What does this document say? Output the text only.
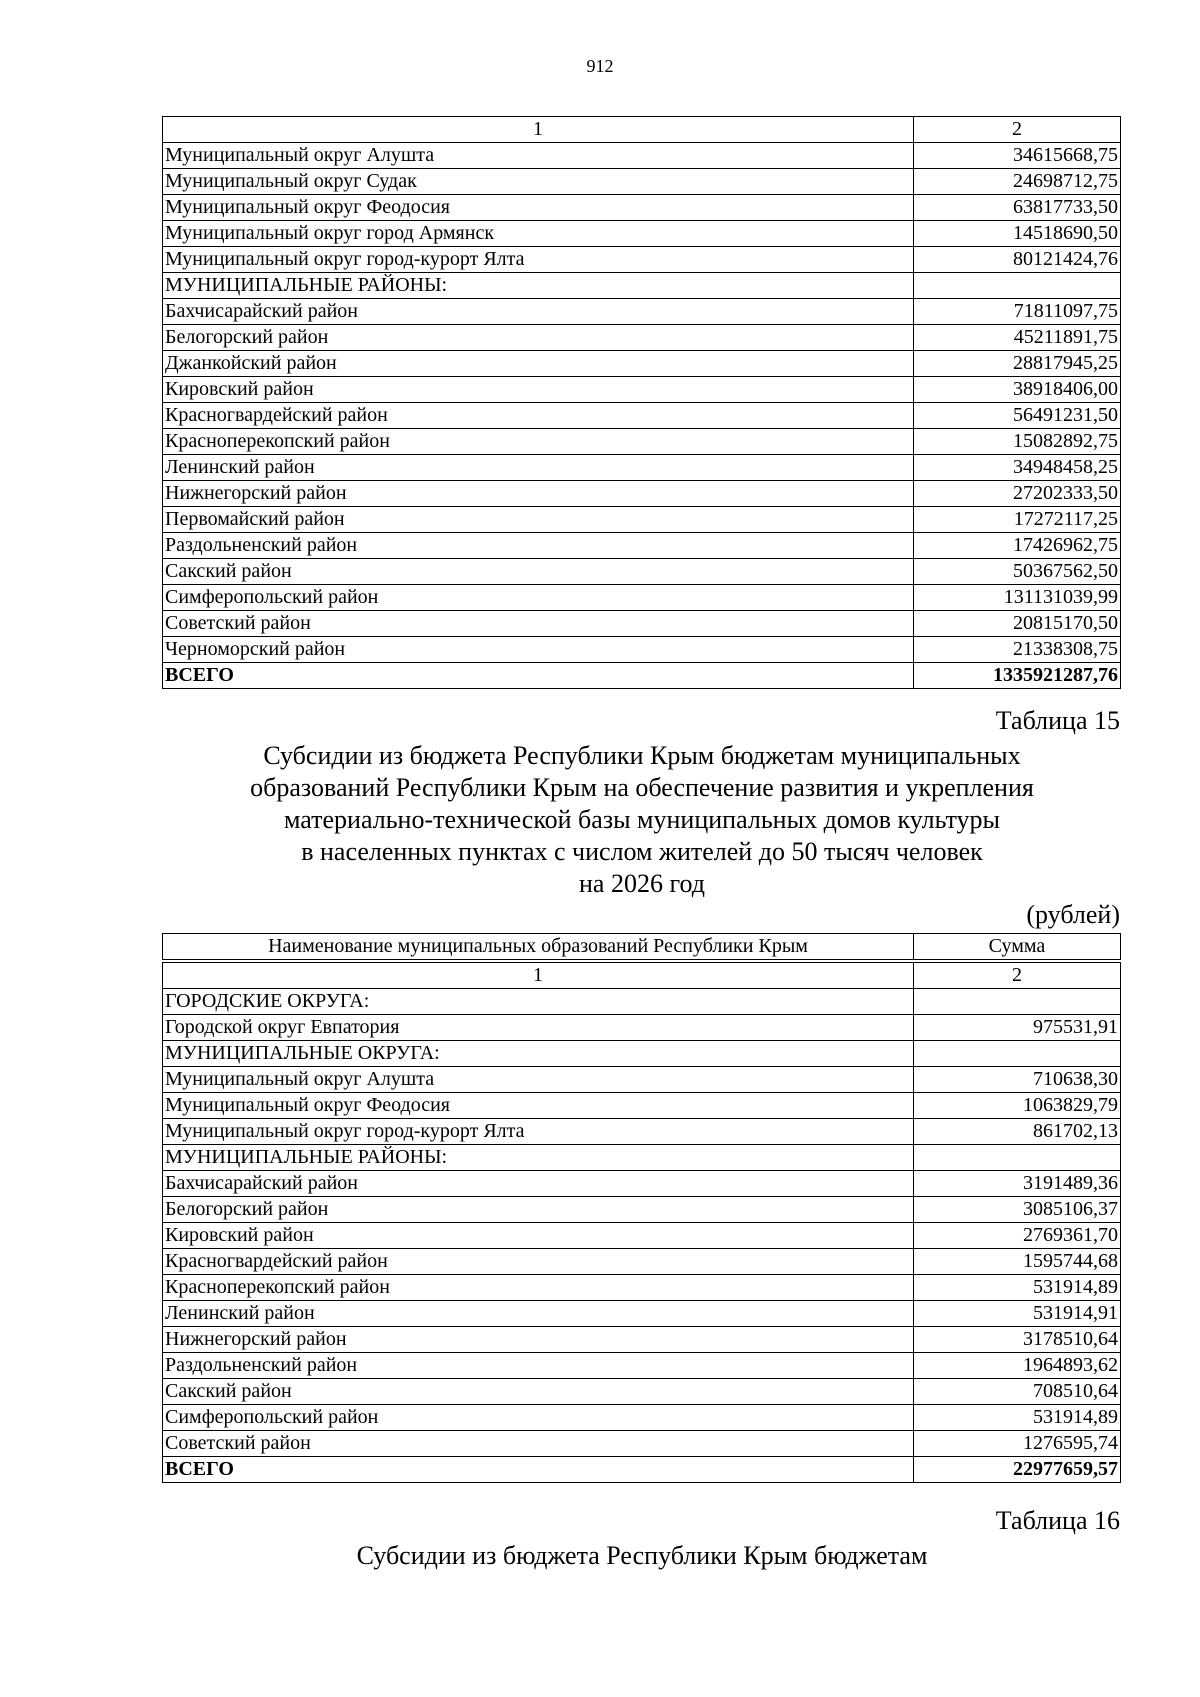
912
1	2
Муниципальный округ Алушта	34615668,75
Муниципальный округ Судак	24698712,75
Муниципальный округ Феодосия	63817733,50
Муниципальный округ город Армянск	14518690,50
Муниципальный округ город-курорт Ялта	80121424,76
МУНИЦИПАЛЬНЫЕ РАЙОНЫ:	
Бахчисарайский район	71811097,75
Белогорский район	45211891,75
Джанкойский район	28817945,25
Кировский район	38918406,00
Красногвардейский район	56491231,50
Красноперекопский район	15082892,75
Ленинский район	34948458,25
Нижнегорский район	27202333,50
Первомайский район	17272117,25
Раздольненский район	17426962,75
Сакский район	50367562,50
Симферопольский район	131131039,99
Советский район	20815170,50
Черноморский район	21338308,75
ВСЕГО	1335921287,76
Таблица 15
Субсидии из бюджета Республики Крым бюджетам муниципальных
образований Республики Крым на обеспечение развития и укрепления
материально-технической базы муниципальных домов культуры
в населенных пунктах с числом жителей до 50 тысяч человек
на 2026 год
(рублей)
Наименование муниципальных образований Республики Крым	Сумма
1	2
ГОРОДСКИЕ ОКРУГА:	
Городской округ Евпатория	975531,91
МУНИЦИПАЛЬНЫЕ ОКРУГА:	
Муниципальный округ Алушта	710638,30
Муниципальный округ Феодосия	1063829,79
Муниципальный округ город-курорт Ялта	861702,13
МУНИЦИПАЛЬНЫЕ РАЙОНЫ:	
Бахчисарайский район	3191489,36
Белогорский район	3085106,37
Кировский район	2769361,70
Красногвардейский район	1595744,68
Красноперекопский район	531914,89
Ленинский район	531914,91
Нижнегорский район	3178510,64
Раздольненский район	1964893,62
Сакский район	708510,64
Симферопольский район	531914,89
Советский район	1276595,74
ВСЕГО	22977659,57
Таблица 16
Субсидии из бюджета Республики Крым бюджетам
